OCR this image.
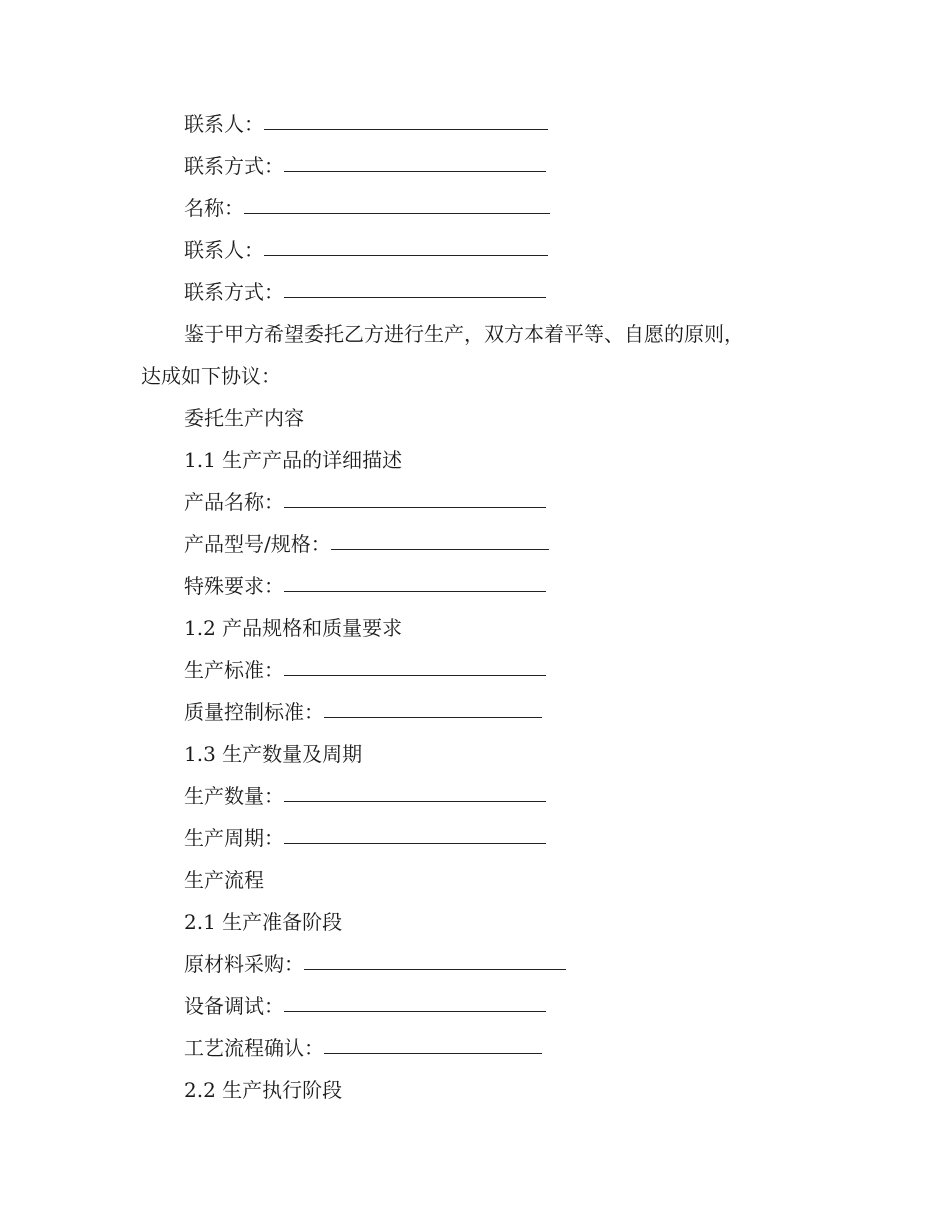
联系人：
联系方式：
名称：
联系人：
联系方式：
鉴于甲方希望委托乙方进行生产，双方本着平等、自愿的原则，
达成如下协议：
委托生产内容
1.1 生产产品的详细描述
产品名称：
产品型号/规格：
特殊要求：
1.2 产品规格和质量要求
生产标准：
质量控制标准：
1.3 生产数量及周期
生产数量：
生产周期：
生产流程
2.1 生产准备阶段
原材料采购：
设备调试：
工艺流程确认：
2.2 生产执行阶段
